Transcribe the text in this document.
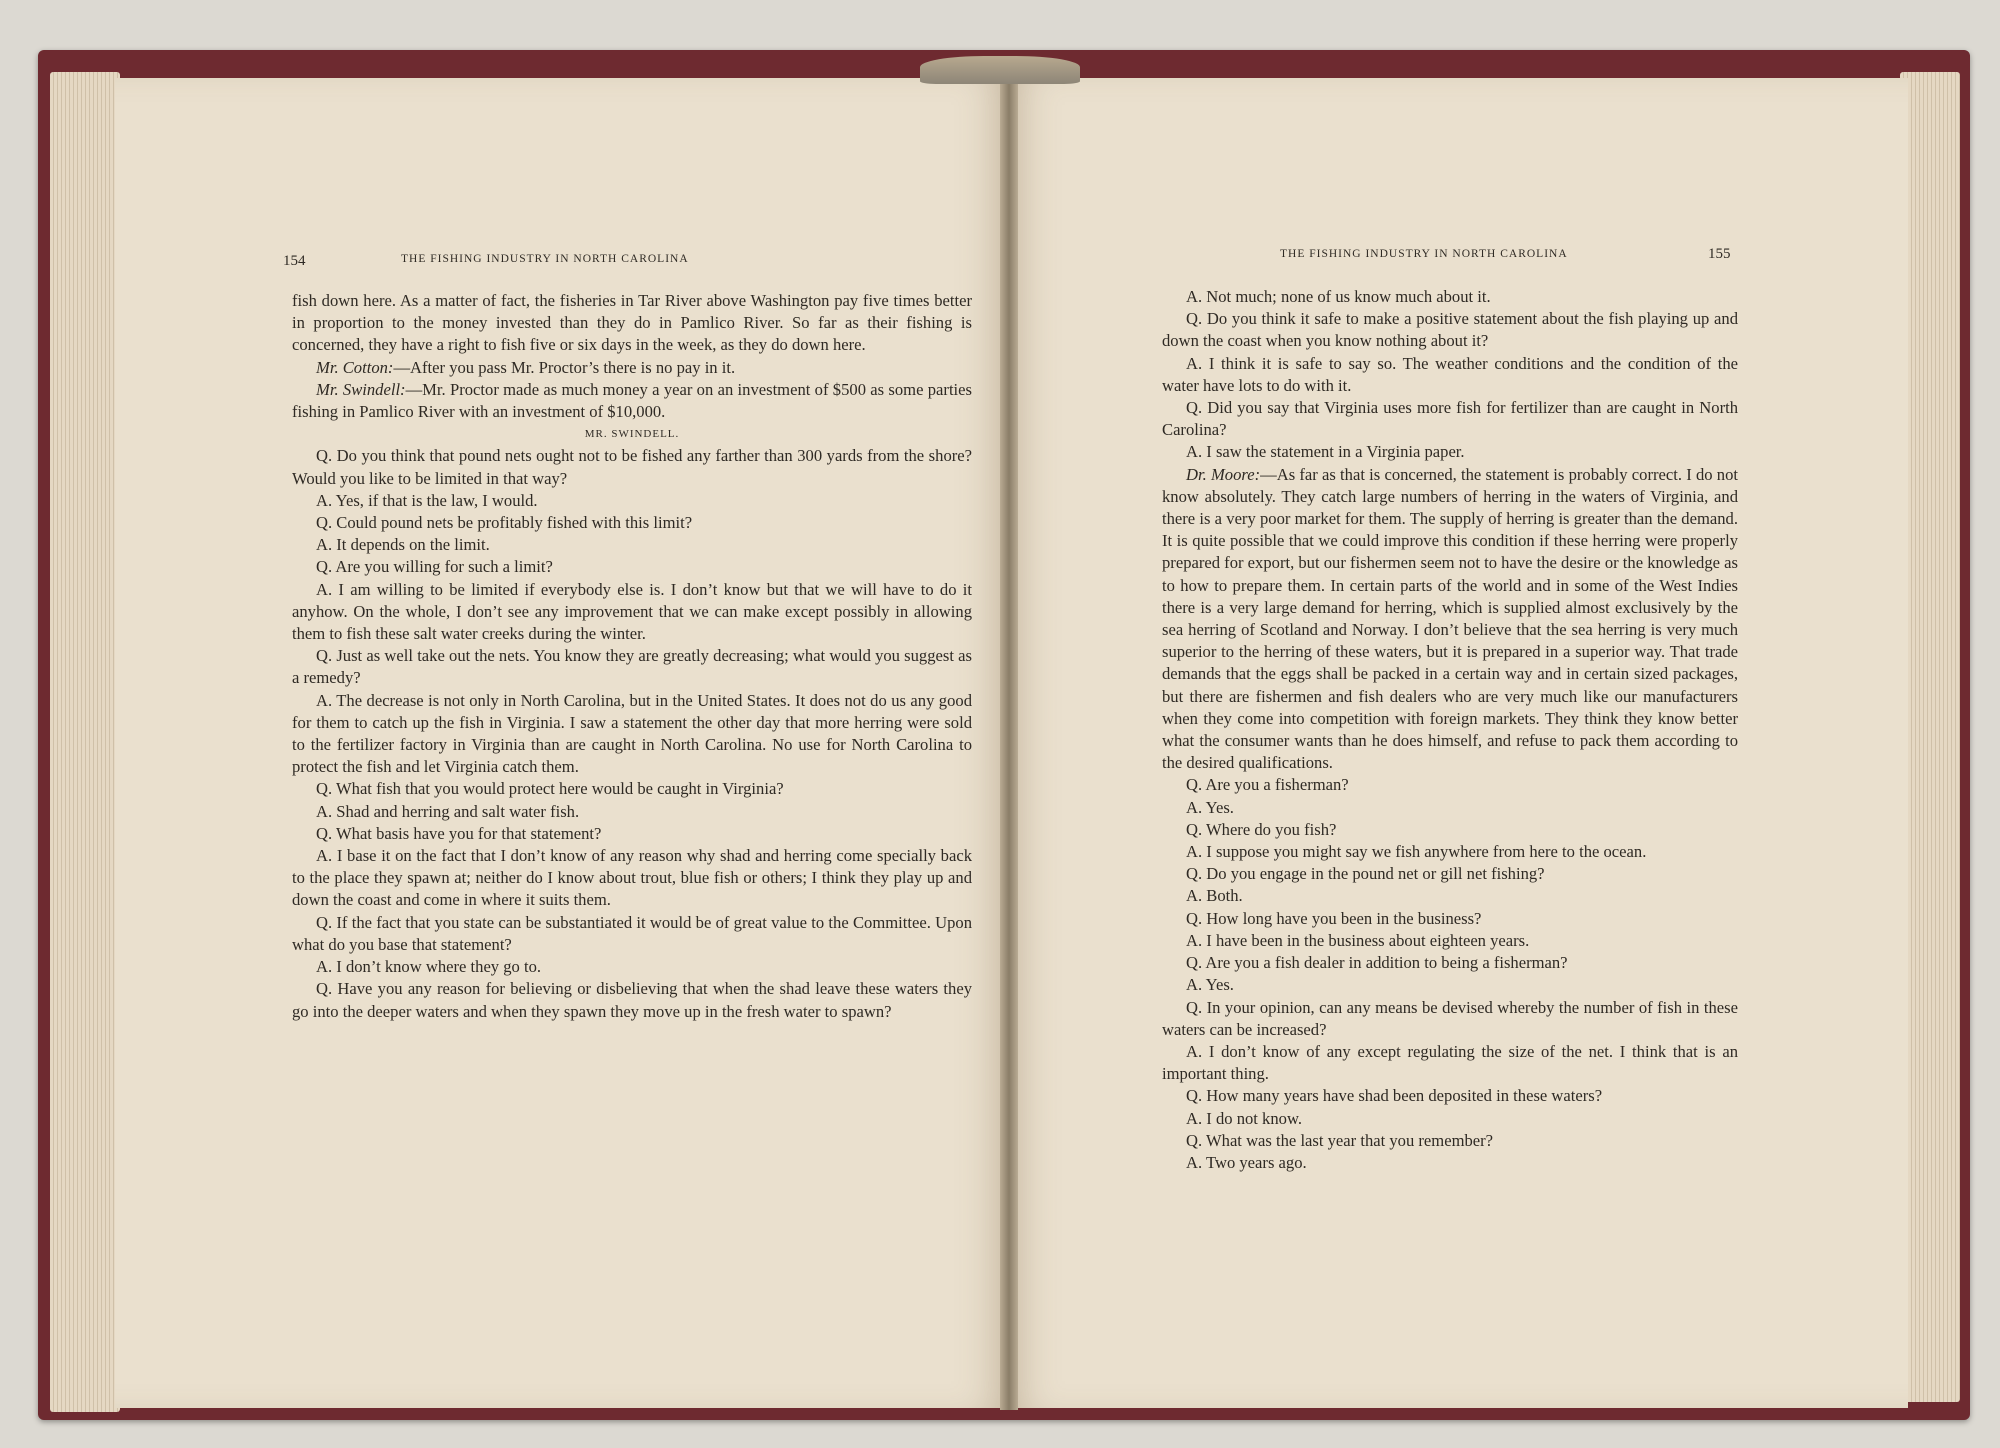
154	THE FISHING INDUSTRY IN NORTH CAROLINA

fish down here. As a matter of fact, the fisheries in Tar River above Washington pay five times better in proportion to the money invested than they do in Pamlico River. So far as their fishing is concerned, they have a right to fish five or six days in the week, as they do down here.

Mr. Cotton:—After you pass Mr. Proctor’s there is no pay in it.

Mr. Swindell:—Mr. Proctor made as much money a year on an investment of $500 as some parties fishing in Pamlico River with an investment of $10,000.

MR. SWINDELL.

Q. Do you think that pound nets ought not to be fished any farther than 300 yards from the shore? Would you like to be limited in that way?

A. Yes, if that is the law, I would.

Q. Could pound nets be profitably fished with this limit?

A. It depends on the limit.

Q. Are you willing for such a limit?

A. I am willing to be limited if everybody else is. I don’t know but that we will have to do it anyhow. On the whole, I don’t see any improvement that we can make except possibly in allowing them to fish these salt water creeks during the winter.

Q. Just as well take out the nets. You know they are greatly decreasing; what would you suggest as a remedy?

A. The decrease is not only in North Carolina, but in the United States. It does not do us any good for them to catch up the fish in Virginia. I saw a statement the other day that more herring were sold to the fertilizer factory in Virginia than are caught in North Carolina. No use for North Carolina to protect the fish and let Virginia catch them.

Q. What fish that you would protect here would be caught in Virginia?

A. Shad and herring and salt water fish.

Q. What basis have you for that statement?

A. I base it on the fact that I don’t know of any reason why shad and herring come specially back to the place they spawn at; neither do I know about trout, blue fish or others; I think they play up and down the coast and come in where it suits them.

Q. If the fact that you state can be substantiated it would be of great value to the Committee. Upon what do you base that statement?

A. I don’t know where they go to.

Q. Have you any reason for believing or disbelieving that when the shad leave these waters they go into the deeper waters and when they spawn they move up in the fresh water to spawn?

THE FISHING INDUSTRY IN NORTH CAROLINA	155

A. Not much; none of us know much about it.

Q. Do you think it safe to make a positive statement about the fish playing up and down the coast when you know nothing about it?

A. I think it is safe to say so. The weather conditions and the condition of the water have lots to do with it.

Q. Did you say that Virginia uses more fish for fertilizer than are caught in North Carolina?

A. I saw the statement in a Virginia paper.

Dr. Moore:—As far as that is concerned, the statement is probably correct. I do not know absolutely. They catch large numbers of herring in the waters of Virginia, and there is a very poor market for them. The supply of herring is greater than the demand. It is quite possible that we could improve this condition if these herring were properly prepared for export, but our fishermen seem not to have the desire or the knowledge as to how to prepare them. In certain parts of the world and in some of the West Indies there is a very large demand for herring, which is supplied almost exclusively by the sea herring of Scotland and Norway. I don’t believe that the sea herring is very much superior to the herring of these waters, but it is prepared in a superior way. That trade demands that the eggs shall be packed in a certain way and in certain sized packages, but there are fishermen and fish dealers who are very much like our manufacturers when they come into competition with foreign markets. They think they know better what the consumer wants than he does himself, and refuse to pack them according to the desired qualifications.

Q. Are you a fisherman?

A. Yes.

Q. Where do you fish?

A. I suppose you might say we fish anywhere from here to the ocean.

Q. Do you engage in the pound net or gill net fishing?

A. Both.

Q. How long have you been in the business?

A. I have been in the business about eighteen years.

Q. Are you a fish dealer in addition to being a fisherman?

A. Yes.

Q. In your opinion, can any means be devised whereby the number of fish in these waters can be increased?

A. I don’t know of any except regulating the size of the net. I think that is an important thing.

Q. How many years have shad been deposited in these waters?

A. I do not know.

Q. What was the last year that you remember?

A. Two years ago.
